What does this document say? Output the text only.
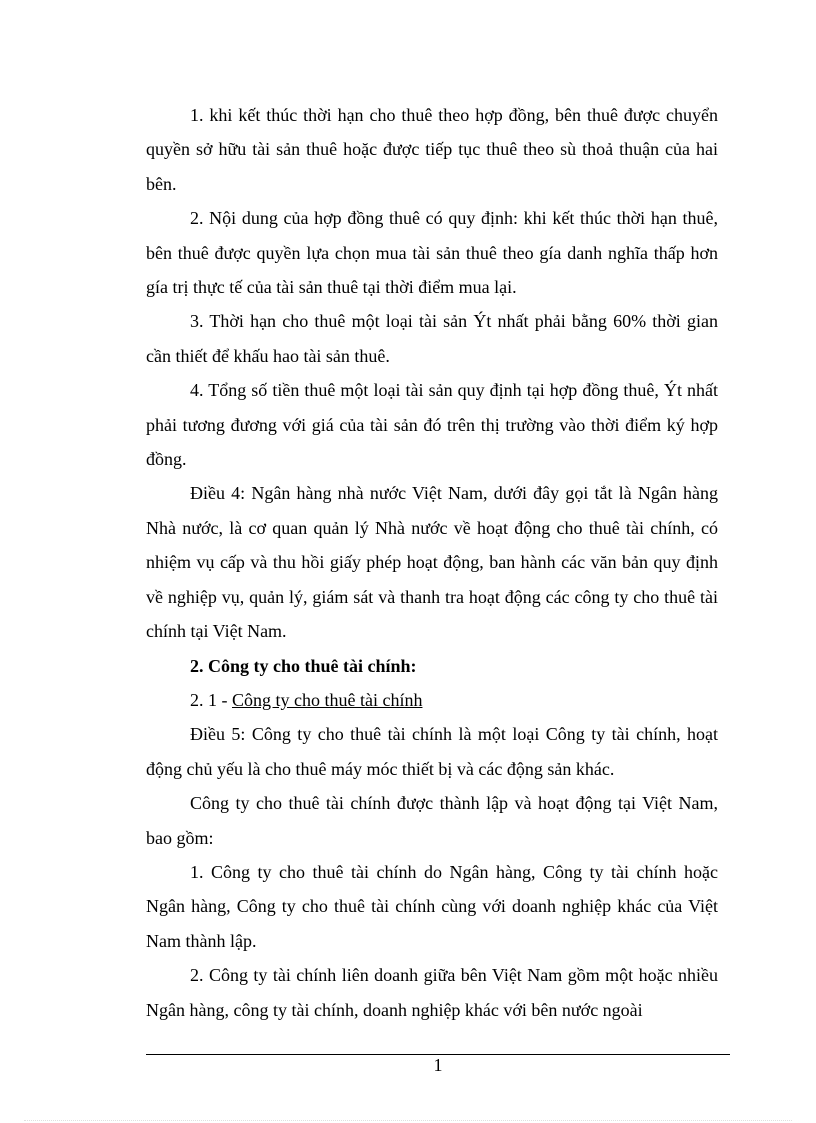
1. khi kết thúc thời hạn cho thuê theo hợp đồng, bên thuê được chuyển quyền sở hữu tài sản thuê hoặc được tiếp tục thuê theo sù thoả thuận của hai bên.

2. Nội dung của hợp đồng thuê có quy định: khi kết thúc thời hạn thuê, bên thuê được quyền lựa chọn mua tài sản thuê theo gía danh nghĩa thấp hơn gía trị thực tế của tài sản thuê tại thời điểm mua lại.

3. Thời hạn cho thuê một loại tài sản Ýt nhất phải bằng 60% thời gian cần thiết để khấu hao tài sản thuê.

4. Tổng số tiền thuê một loại tài sản quy định tại hợp đồng thuê, Ýt nhất phải tương đương với giá của tài sản đó trên thị trường vào thời điểm ký hợp đồng.

Điều 4: Ngân hàng nhà nước Việt Nam, dưới đây gọi tắt là Ngân hàng Nhà nước, là cơ quan quản lý Nhà nước về hoạt động cho thuê tài chính, có nhiệm vụ cấp và thu hồi giấy phép hoạt động, ban hành các văn bản quy định về nghiệp vụ, quản lý, giám sát và thanh tra hoạt động các công ty cho thuê tài chính tại Việt Nam.

2. Công ty cho thuê tài chính:

2. 1 - Công ty cho thuê tài chính

Điều 5: Công ty cho thuê tài chính là một loại Công ty tài chính, hoạt động chủ yếu là cho thuê máy móc thiết bị và các động sản khác.

Công ty cho thuê tài chính được thành lập và hoạt động tại Việt Nam, bao gồm:

1. Công ty cho thuê tài chính do Ngân hàng, Công ty tài chính hoặc Ngân hàng, Công ty cho thuê tài chính cùng với doanh nghiệp khác của Việt Nam thành lập.

2. Công ty tài chính liên doanh giữa bên Việt Nam gồm một hoặc nhiều Ngân hàng, công ty tài chính, doanh nghiệp khác với bên nước ngoài

1
